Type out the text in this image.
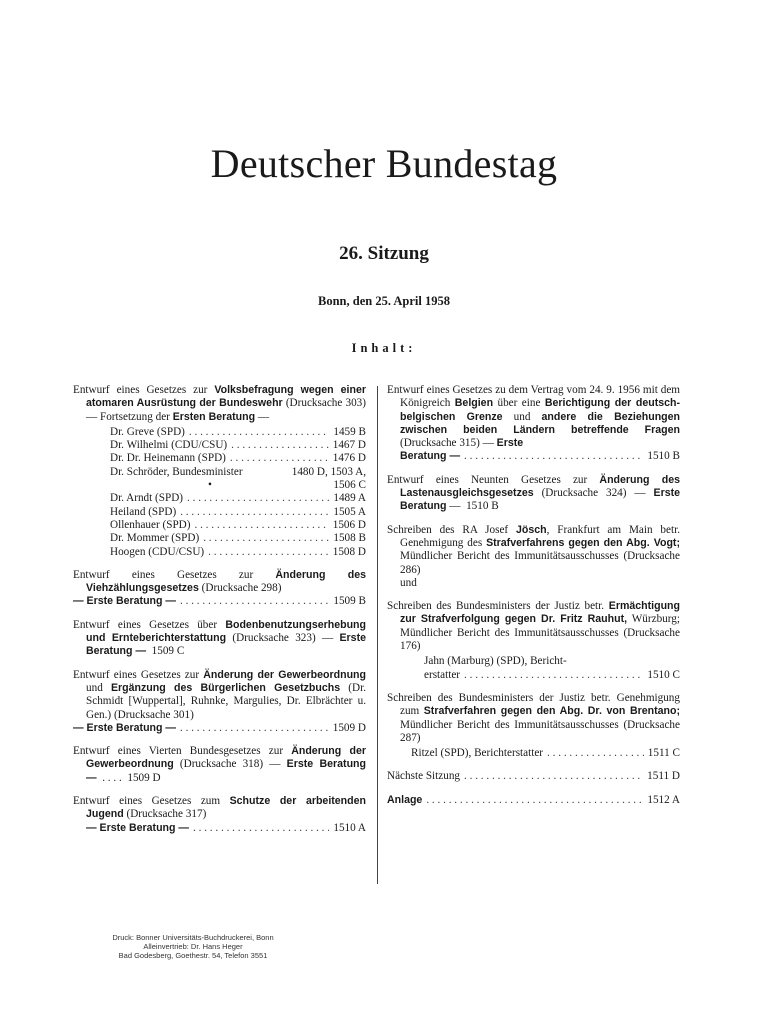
Deutscher Bundestag
26. Sitzung
Bonn, den 25. April 1958
Inhalt:
Entwurf eines Gesetzes zur Volksbefragung wegen einer atomaren Ausrüstung der Bundeswehr (Drucksache 303) — Fortsetzung der Ersten Beratung —
Dr. Greve (SPD) . . .	1459 B
Dr. Wilhelmi (CDU/CSU) . . .	1467 D
Dr. Dr. Heinemann (SPD) . . .	1476 D
Dr. Schröder, Bundesminister	1480 D, 1503 A,
•	1506 C
Dr. Arndt (SPD) . . .	1489 A
Heiland (SPD) . . .	1505 A
Ollenhauer (SPD) . . .	1506 D
Dr. Mommer (SPD) . . .	1508 B
Hoogen (CDU/CSU) . . .	1508 D
Entwurf eines Gesetzes zur Änderung des Viehzählungsgesetzes (Drucksache 298)
— Erste Beratung — . . .	1509 B
Entwurf eines Gesetzes über Bodenbenutzungserhebung und Ernteberichterstattung (Drucksache 323) — Erste Beratung — 1509 C
Entwurf eines Gesetzes zur Änderung der Gewerbeordnung und Ergänzung des Bürgerlichen Gesetzbuchs (Dr. Schmidt [Wuppertal], Ruhnke, Margulies, Dr. Elbrächter u. Gen.) (Drucksache 301)
— Erste Beratung — . . .	1509 D
Entwurf eines Vierten Bundesgesetzes zur Änderung der Gewerbeordnung (Drucksache 318) — Erste Beratung —  . . . .  1509 D
Entwurf eines Gesetzes zum Schutze der arbeitenden Jugend (Drucksache 317)
— Erste Beratung — . . .	1510 A
Entwurf eines Gesetzes zu dem Vertrag vom 24. 9. 1956 mit dem Königreich Belgien über eine Berichtigung der deutsch-belgischen Grenze und andere die Beziehungen zwischen beiden Ländern betreffende Fragen (Drucksache 315) — Erste
Beratung — . . .	1510 B
Entwurf eines Neunten Gesetzes zur Änderung des Lastenausgleichsgesetzes (Drucksache 324) — Erste Beratung — 1510 B
Schreiben des RA Josef Jösch, Frankfurt am Main betr. Genehmigung des Strafverfahrens gegen den Abg. Vogt; Mündlicher Bericht des Immunitätsausschusses (Drucksache 286)
und
Schreiben des Bundesministers der Justiz betr. Ermächtigung zur Strafverfolgung gegen Dr. Fritz Rauhut, Würzburg; Mündlicher Bericht des Immunitätsausschusses (Drucksache 176)
Jahn (Marburg) (SPD), Bericht-
erstatter . . .	1510 C
Schreiben des Bundesministers der Justiz betr. Genehmigung zum Strafverfahren gegen den Abg. Dr. von Brentano; Mündlicher Bericht des Immunitätsausschusses (Drucksache 287)
Ritzel (SPD), Berichterstatter . . .	1511 C
Nächste Sitzung . . .	1511 D
Anlage . . .	1512 A
Druck: Bonner Universitäts-Buchdruckerei, Bonn
Alleinvertrieb: Dr. Hans Heger
Bad Godesberg, Goethestr. 54, Telefon 3551
